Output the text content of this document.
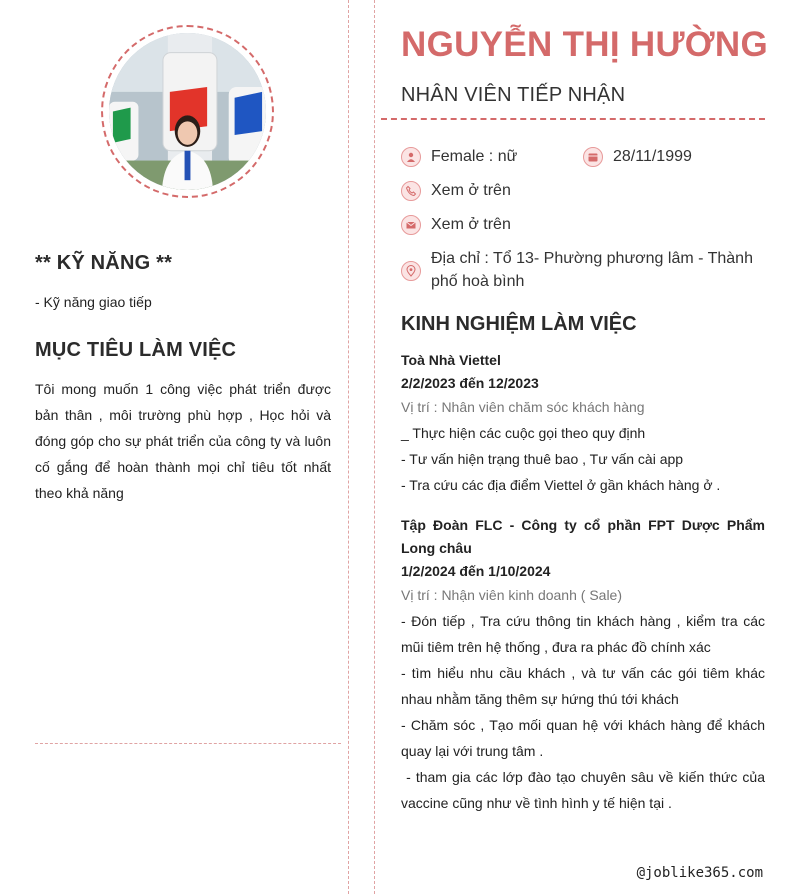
** KỸ NĂNG **
- Kỹ năng giao tiếp
MỤC TIÊU LÀM VIỆC
Tôi mong muốn 1 công việc phát triển được bản thân , môi trường phù hợp , Học hỏi và đóng góp cho sự phát triển của công ty và luôn cố gắng để hoàn thành mọi chỉ tiêu tốt nhất theo khả năng
NGUYỄN THỊ HƯỜNG
NHÂN VIÊN TIẾP NHẬN
Female : nữ	28/11/1999
Xem ở trên
Xem ở trên
Địa chỉ : Tổ 13- Phường phương lâm - Thành phố hoà bình
KINH NGHIỆM LÀM VIỆC
Toà Nhà Viettel
2/2/2023 đến 12/2023
Vị trí : Nhân viên chăm sóc khách hàng
_ Thực hiện các cuộc gọi theo quy định
- Tư vấn hiện trạng thuê bao , Tư vấn cài app
- Tra cứu các địa điểm Viettel ở gần khách hàng ở .
Tập Đoàn FLC - Công ty cổ phần FPT Dược Phẩm Long châu
1/2/2024 đến 1/10/2024
Vị trí : Nhận viên kinh doanh ( Sale)
- Đón tiếp , Tra cứu thông tin khách hàng , kiểm tra các mũi tiêm trên hệ thống , đưa ra phác đồ chính xác
- tìm hiểu nhu cầu khách , và tư vấn các gói tiêm khác nhau nhằm tăng thêm sự hứng thú tới khách
- Chăm sóc , Tạo mối quan hệ với khách hàng để khách quay lại với trung tâm .
- tham gia các lớp đào tạo chuyên sâu về kiến thức của vaccine cũng như về tình hình y tế hiện tại .
@joblike365.com
